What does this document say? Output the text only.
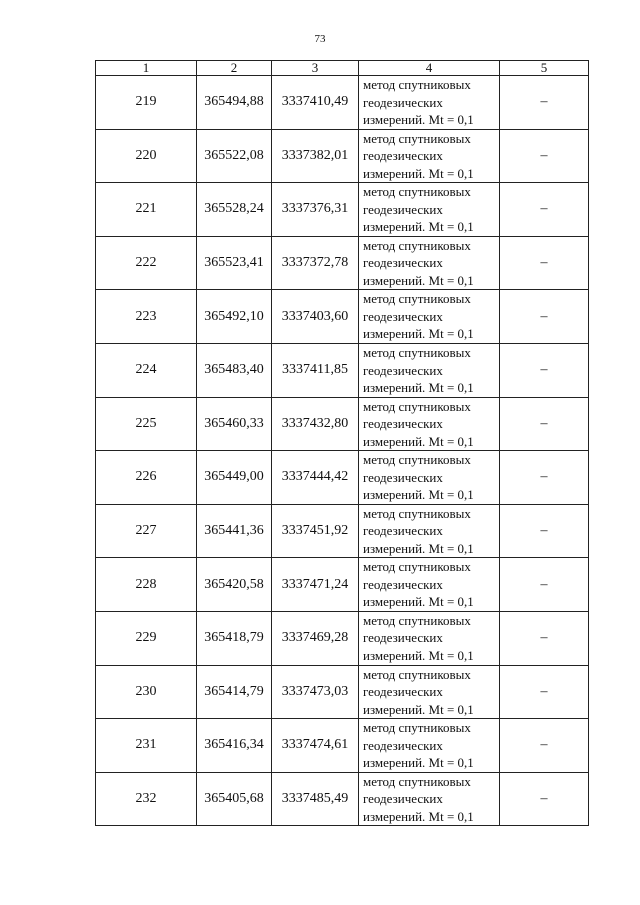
73
1	2	3	4	5
219	365494,88	3337410,49	метод спутниковых
геодезических
измерений. Mt = 0,1	–
220	365522,08	3337382,01	метод спутниковых
геодезических
измерений. Mt = 0,1	–
221	365528,24	3337376,31	метод спутниковых
геодезических
измерений. Mt = 0,1	–
222	365523,41	3337372,78	метод спутниковых
геодезических
измерений. Mt = 0,1	–
223	365492,10	3337403,60	метод спутниковых
геодезических
измерений. Mt = 0,1	–
224	365483,40	3337411,85	метод спутниковых
геодезических
измерений. Mt = 0,1	–
225	365460,33	3337432,80	метод спутниковых
геодезических
измерений. Mt = 0,1	–
226	365449,00	3337444,42	метод спутниковых
геодезических
измерений. Mt = 0,1	–
227	365441,36	3337451,92	метод спутниковых
геодезических
измерений. Mt = 0,1	–
228	365420,58	3337471,24	метод спутниковых
геодезических
измерений. Mt = 0,1	–
229	365418,79	3337469,28	метод спутниковых
геодезических
измерений. Mt = 0,1	–
230	365414,79	3337473,03	метод спутниковых
геодезических
измерений. Mt = 0,1	–
231	365416,34	3337474,61	метод спутниковых
геодезических
измерений. Mt = 0,1	–
232	365405,68	3337485,49	метод спутниковых
геодезических
измерений. Mt = 0,1	–
